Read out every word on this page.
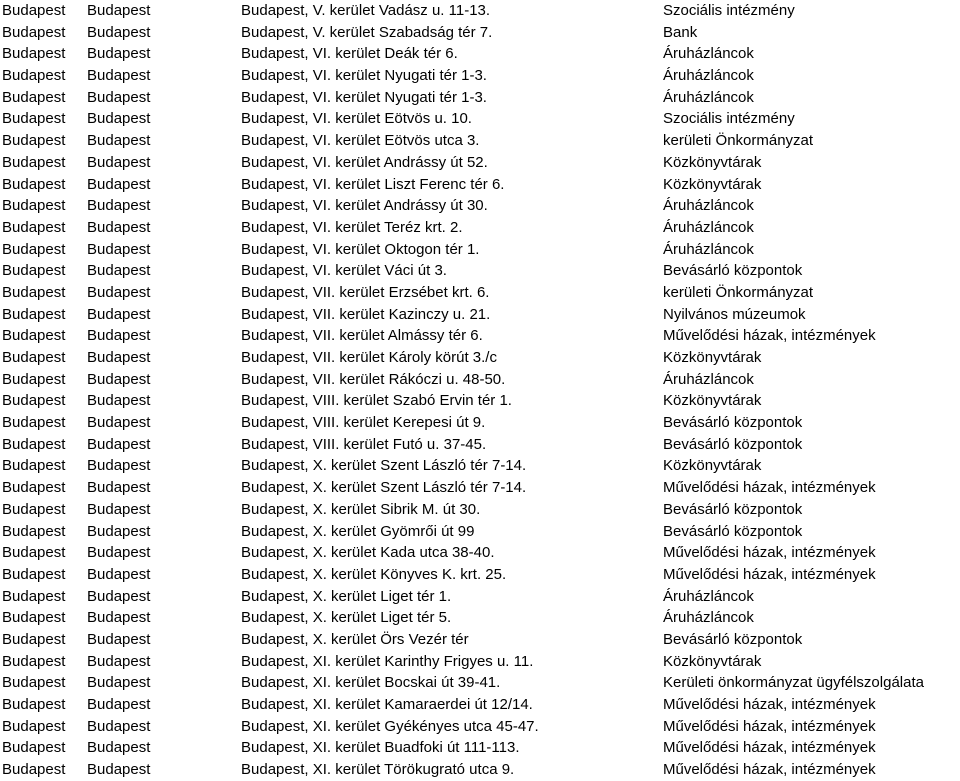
Budapest Budapest	Budapest, V. kerület Vadász u. 11-13.	Szociális intézmény
Budapest Budapest	Budapest, V. kerület Szabadság tér 7.	Bank
Budapest Budapest	Budapest, VI. kerület Deák tér 6.	Áruházláncok
Budapest Budapest	Budapest, VI. kerület Nyugati tér 1-3.	Áruházláncok
Budapest Budapest	Budapest, VI. kerület Nyugati tér 1-3.	Áruházláncok
Budapest Budapest	Budapest, VI. kerület Eötvös u. 10.	Szociális intézmény
Budapest Budapest	Budapest, VI. kerület Eötvös utca 3.	kerületi Önkormányzat
Budapest Budapest	Budapest, VI. kerület Andrássy út 52.	Közkönyvtárak
Budapest Budapest	Budapest, VI. kerület Liszt Ferenc tér 6.	Közkönyvtárak
Budapest Budapest	Budapest, VI. kerület Andrássy út 30.	Áruházláncok
Budapest Budapest	Budapest, VI. kerület Teréz krt. 2.	Áruházláncok
Budapest Budapest	Budapest, VI. kerület Oktogon tér 1.	Áruházláncok
Budapest Budapest	Budapest, VI. kerület Váci út 3.	Bevásárló központok
Budapest Budapest	Budapest, VII. kerület Erzsébet krt. 6.	kerületi Önkormányzat
Budapest Budapest	Budapest, VII. kerület Kazinczy u. 21.	Nyilvános múzeumok
Budapest Budapest	Budapest, VII. kerület Almássy tér 6.	Művelődési házak, intézmények
Budapest Budapest	Budapest, VII. kerület Károly körút 3./c	Közkönyvtárak
Budapest Budapest	Budapest, VII. kerület Rákóczi u. 48-50.	Áruházláncok
Budapest Budapest	Budapest, VIII. kerület Szabó Ervin tér 1.	Közkönyvtárak
Budapest Budapest	Budapest, VIII. kerület Kerepesi út 9.	Bevásárló központok
Budapest Budapest	Budapest, VIII. kerület Futó u. 37-45.	Bevásárló központok
Budapest Budapest	Budapest, X. kerület Szent László tér 7-14.	Közkönyvtárak
Budapest Budapest	Budapest, X. kerület Szent László tér 7-14.	Művelődési házak, intézmények
Budapest Budapest	Budapest, X. kerület Sibrik M. út 30.	Bevásárló központok
Budapest Budapest	Budapest, X. kerület Gyömrői út 99	Bevásárló központok
Budapest Budapest	Budapest, X. kerület Kada utca 38-40.	Művelődési házak, intézmények
Budapest Budapest	Budapest, X. kerület Könyves K. krt. 25.	Művelődési házak, intézmények
Budapest Budapest	Budapest, X. kerület Liget tér 1.	Áruházláncok
Budapest Budapest	Budapest, X. kerület Liget tér 5.	Áruházláncok
Budapest Budapest	Budapest, X. kerület Örs Vezér tér	Bevásárló központok
Budapest Budapest	Budapest, XI. kerület Karinthy Frigyes u. 11.	Közkönyvtárak
Budapest Budapest	Budapest, XI. kerület Bocskai út 39-41.	Kerületi önkormányzat ügyfélszolgálata
Budapest Budapest	Budapest, XI. kerület Kamaraerdei út 12/14.	Művelődési házak, intézmények
Budapest Budapest	Budapest, XI. kerület Gyékényes utca 45-47.	Művelődési házak, intézmények
Budapest Budapest	Budapest, XI. kerület Buadfoki út 111-113.	Művelődési házak, intézmények
Budapest Budapest	Budapest, XI. kerület Törökugrató utca 9.	Művelődési házak, intézmények
